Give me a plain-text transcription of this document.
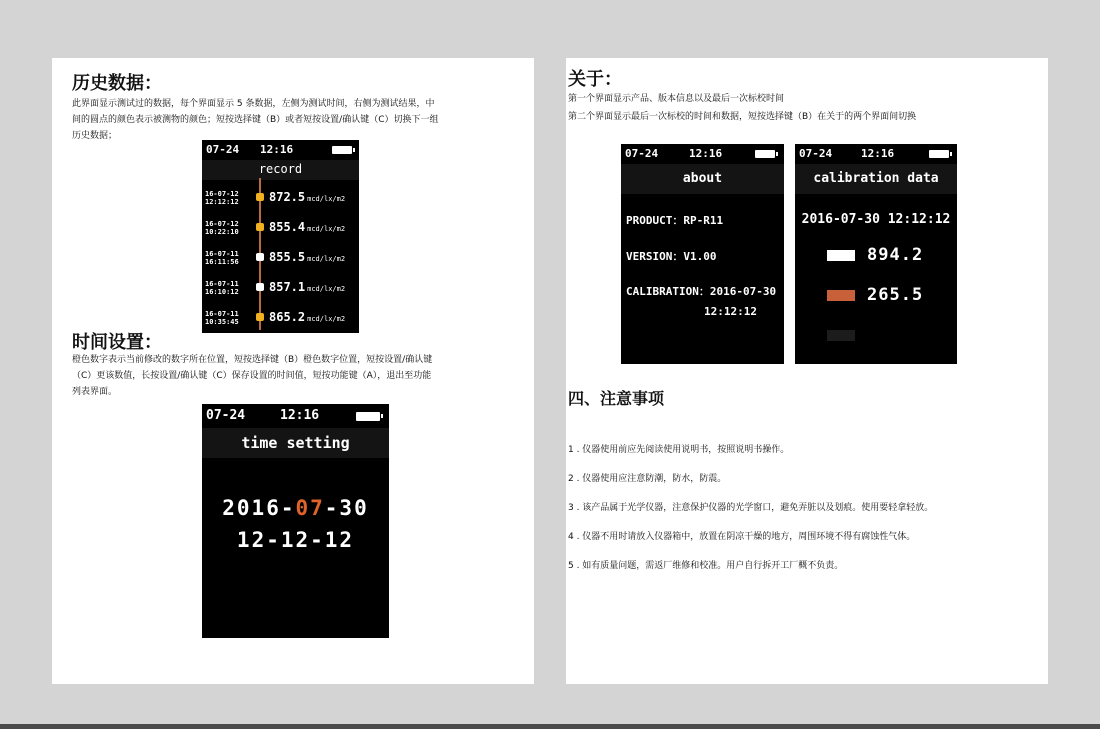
历史数据：
此界面显示测试过的数据，每个界面显示 5 条数据，左侧为测试时间，右侧为测试结果，中
间的圆点的颜色表示被测物的颜色；短按选择键（B）或者短按设置/确认键（C）切换下一组
历史数据；
07-24 12:16
record
16-07-12
12:12:12	872.5 mcd/lx/m2
16-07-12
10:22:10	855.4 mcd/lx/m2
16-07-11
16:11:56	855.5 mcd/lx/m2
16-07-11
16:10:12	857.1 mcd/lx/m2
16-07-11
10:35:45	865.2 mcd/lx/m2
时间设置：
橙色数字表示当前修改的数字所在位置，短按选择键（B）橙色数字位置，短按设置/确认键
（C）更该数值，长按设置/确认键（C）保存设置的时间值，短按功能键（A），退出至功能
列表界面。
07-24	12:16
time setting
2016-07-30
12-12-12
关于：
第一个界面显示产品、版本信息以及最后一次标校时间
第二个界面显示最后一次标校的时间和数据，短按选择键（B）在关于的两个界面间切换
07-24	12:16
about
PRODUCT：RP-R11
VERSION：V1.00
CALIBRATION：2016-07-30
12:12:12
07-24	12:16
calibration data
2016-07-30 12:12:12
894.2
265.5
四、注意事项
1 . 仪器使用前应先阅读使用说明书，按照说明书操作。
2 . 仪器使用应注意防潮，防水，防震。
3 . 该产品属于光学仪器，注意保护仪器的光学窗口，避免弄脏以及划痕。使用要轻拿轻放。
4 . 仪器不用时请放入仪器箱中，放置在阴凉干燥的地方，周围环境不得有腐蚀性气体。
5 . 如有质量问题，需返厂维修和校准。用户自行拆开工厂概不负责。
